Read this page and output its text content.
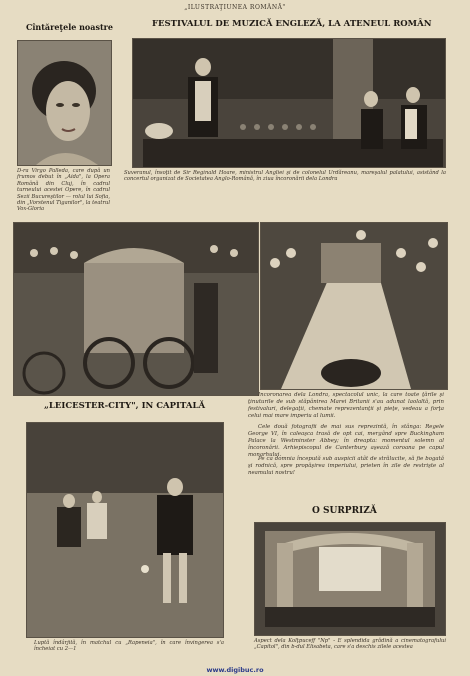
„ILUSTRAŢIUNEA ROMÂNĂ"
Cîntăreţele noastre	FESTIVALUL DE MUZICĂ ENGLEZĂ, LA ATENEUL ROMÂN
D-ra Virgo Palleda, care după un frumos debut în „Aida", la Opera Română din Cluj, în cadrul turneului acestei Opere, în cadrul Sezii Bucureştilor — rolul lui Sofia, din „Vorstenul Tiganilor", la teatrul Vox-Gloria
Suveranul, însoţit de Sir Reginald Hoare, ministrul Angliei şi de colonelul Urdăreanu, mareşalul palatului, asistând la concertul organizat de Societatea Anglo-Română, în ziua încoronării dela Londra
„LEICESTER-CITY", IN CAPITALĂ
Incoronarea dela Londra, spectacolul unic, la care toate ţările şi ţinuturile de sub stăpânirea Marei Britanii s'au adunat laolaltă, prin festivaluri, delegaţii, chemate reprezentanţii şi pieţe, vedeau a forţa celui mai mare imperiu al lumii.
Cele două fotografii de mai sus reprezintă, în stânga: Regele George VI, în caleaşca trasă de opt cai, mergând spre Buckingham Palace la Westminster Abbey; în dreapta: momentul solemn al încoronării. Arhiepiscopul de Canterbury aşează coroana pe capul monarhului.
Pe ca domnia începută sub auspicii atât de strălucite, să fie bogată şi rodnică, spre propăşirea imperiului, prieten în zile de restrişte al neamului nostru!
Luptă îndârjită, în matchul cu „Rapeneia", în care învingerea s'a încheiat cu 2—1
O SURPRIZĂ
Aspect dela Kolţpuceff "Np" - E splendida grădină a cinematografului „Capitol", din b-dul Elisabeta, care s'a deschis zilele acestea
www.digibuc.ro
